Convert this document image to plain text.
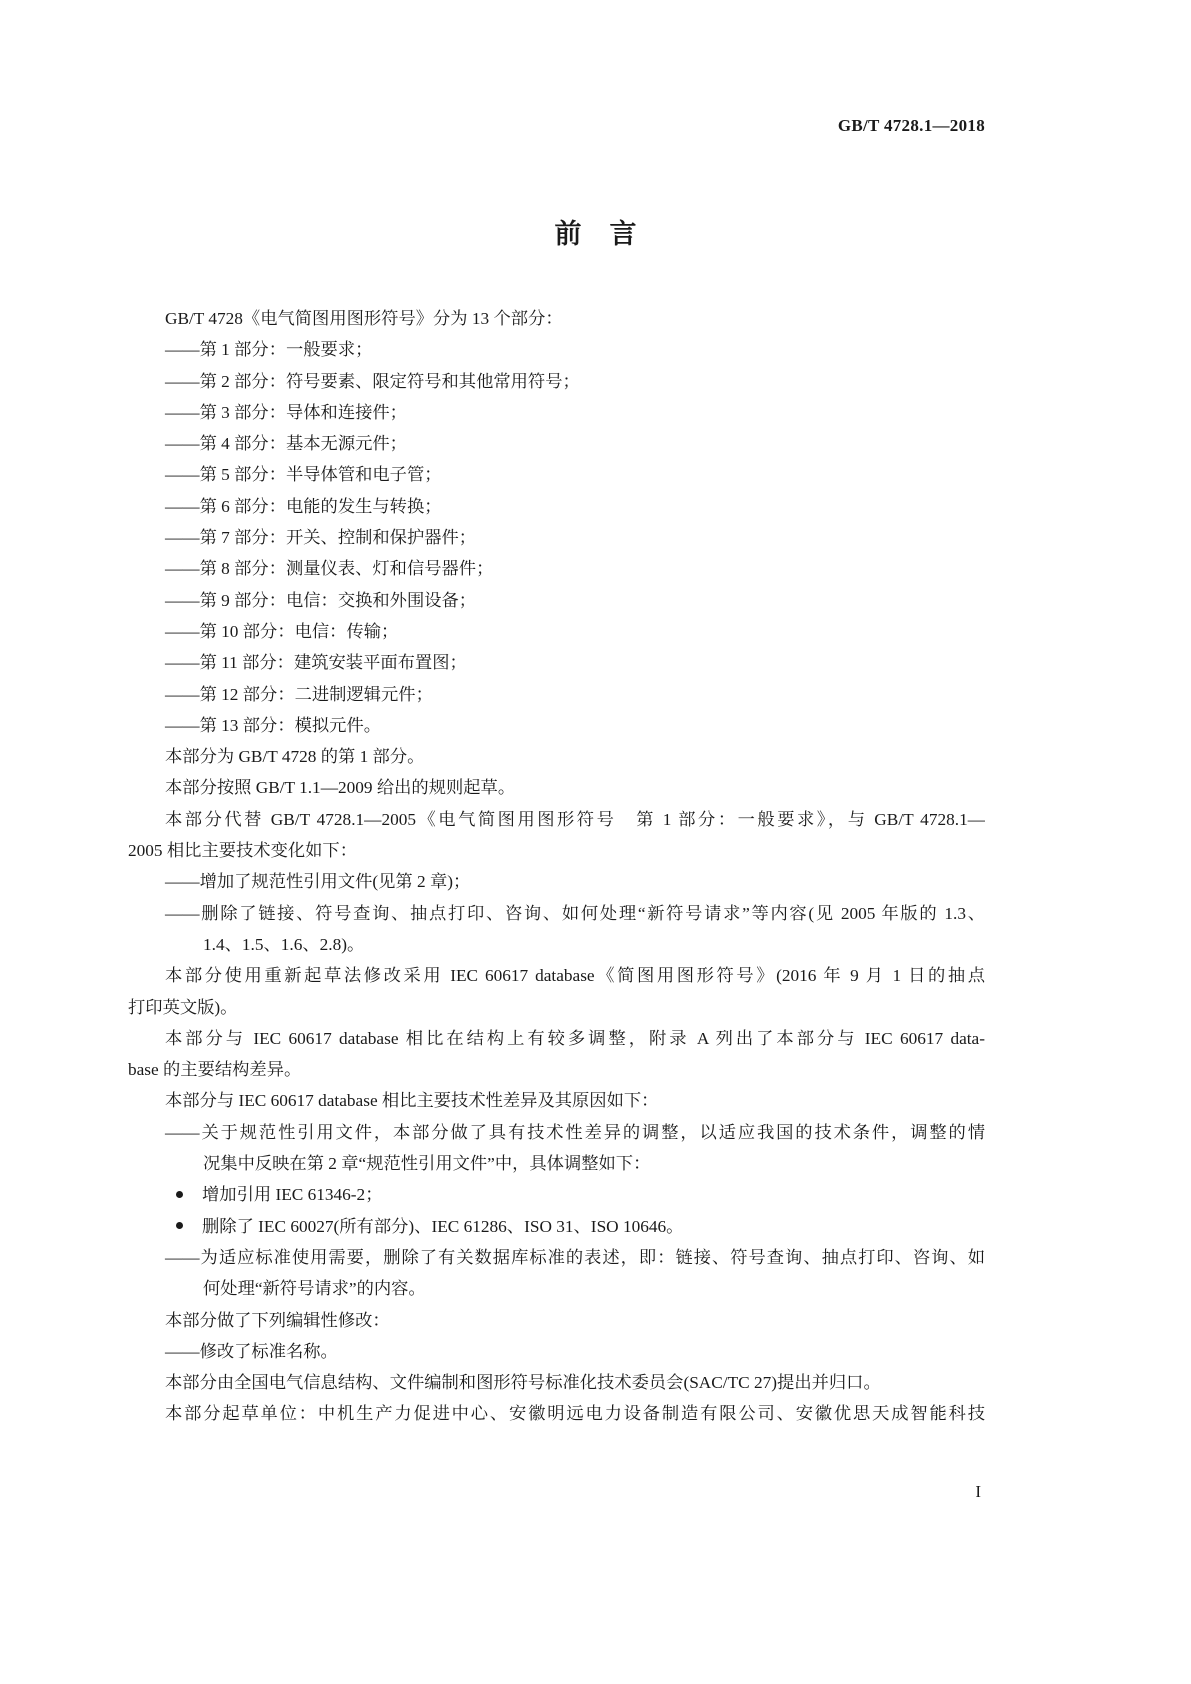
GB/T 4728.1—2018
前言
GB/T 4728《电气简图用图形符号》分为 13 个部分：
——第 1 部分：一般要求；
——第 2 部分：符号要素、限定符号和其他常用符号；
——第 3 部分：导体和连接件；
——第 4 部分：基本无源元件；
——第 5 部分：半导体管和电子管；
——第 6 部分：电能的发生与转换；
——第 7 部分：开关、控制和保护器件；
——第 8 部分：测量仪表、灯和信号器件；
——第 9 部分：电信：交换和外围设备；
——第 10 部分：电信：传输；
——第 11 部分：建筑安装平面布置图；
——第 12 部分：二进制逻辑元件；
——第 13 部分：模拟元件。
本部分为 GB/T 4728 的第 1 部分。
本部分按照 GB/T 1.1—2009 给出的规则起草。
本部分代替 GB/T 4728.1—2005《电气简图用图形符号　第 1 部分：一般要求》，与 GB/T 4728.1—
2005 相比主要技术变化如下：
——增加了规范性引用文件(见第 2 章)；
——删除了链接、符号查询、抽点打印、咨询、如何处理“新符号请求”等内容(见 2005 年版的 1.3、
1.4、1.5、1.6、2.8)。
本部分使用重新起草法修改采用 IEC 60617 database《简图用图形符号》(2016 年 9 月 1 日的抽点
打印英文版)。
本部分与 IEC 60617 database 相比在结构上有较多调整，附录 A 列出了本部分与 IEC 60617 data-
base 的主要结构差异。
本部分与 IEC 60617 database 相比主要技术性差异及其原因如下：
——关于规范性引用文件，本部分做了具有技术性差异的调整，以适应我国的技术条件，调整的情
况集中反映在第 2 章“规范性引用文件”中，具体调整如下：
增加引用 IEC 61346-2；
删除了 IEC 60027(所有部分)、IEC 61286、ISO 31、ISO 10646。
——为适应标准使用需要，删除了有关数据库标准的表述，即：链接、符号查询、抽点打印、咨询、如
何处理“新符号请求”的内容。
本部分做了下列编辑性修改：
——修改了标准名称。
本部分由全国电气信息结构、文件编制和图形符号标准化技术委员会(SAC/TC 27)提出并归口。
本部分起草单位：中机生产力促进中心、安徽明远电力设备制造有限公司、安徽优思天成智能科技
I
